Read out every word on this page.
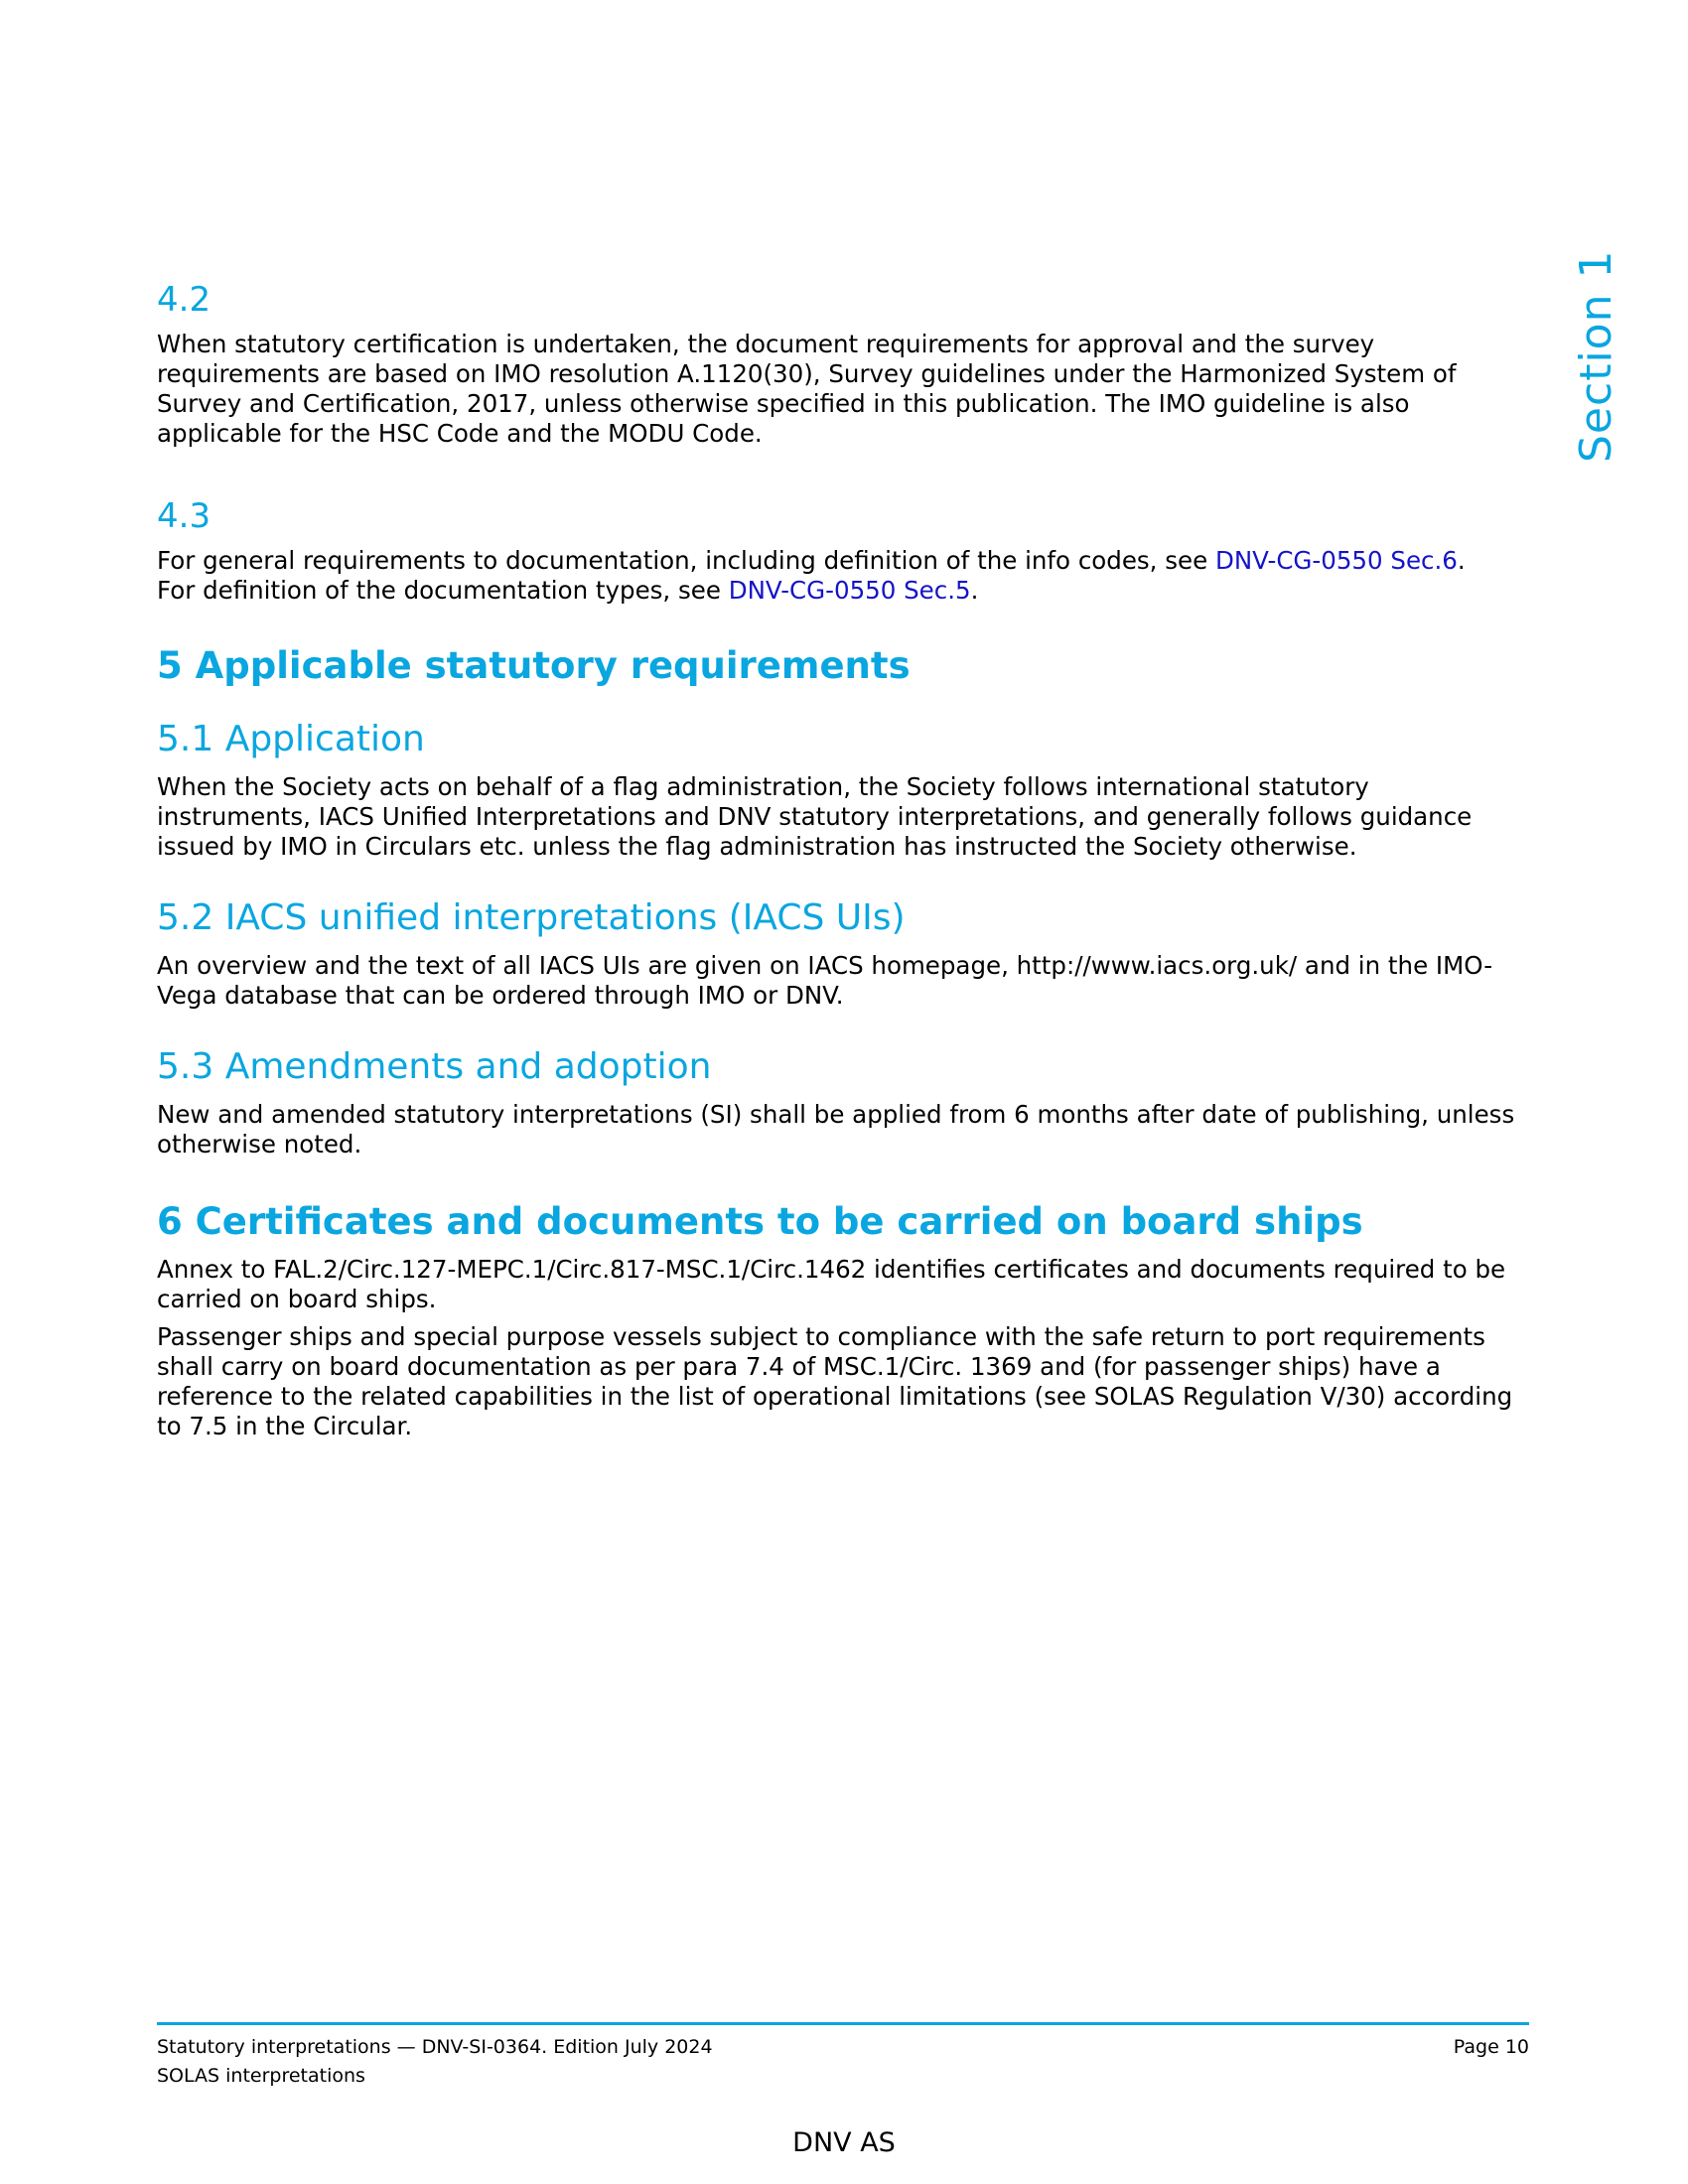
Section 1
4.2

When statutory certification is undertaken, the document requirements for approval and the survey requirements are based on IMO resolution A.1120(30), Survey guidelines under the Harmonized System of Survey and Certification, 2017, unless otherwise specified in this publication. The IMO guideline is also applicable for the HSC Code and the MODU Code.

4.3

For general requirements to documentation, including definition of the info codes, see DNV-CG-0550 Sec.6.
For definition of the documentation types, see DNV-CG-0550 Sec.5.

5 Applicable statutory requirements
5.1 Application

When the Society acts on behalf of a flag administration, the Society follows international statutory instruments, IACS Unified Interpretations and DNV statutory interpretations, and generally follows guidance issued by IMO in Circulars etc. unless the flag administration has instructed the Society otherwise.

5.2 IACS unified interpretations (IACS UIs)

An overview and the text of all IACS UIs are given on IACS homepage, http://www.iacs.org.uk/ and in the IMO-Vega database that can be ordered through IMO or DNV.

5.3 Amendments and adoption

New and amended statutory interpretations (SI) shall be applied from 6 months after date of publishing, unless otherwise noted.

6 Certificates and documents to be carried on board ships

Annex to FAL.2/Circ.127-MEPC.1/Circ.817-MSC.1/Circ.1462 identifies certificates and documents required to be carried on board ships.

Passenger ships and special purpose vessels subject to compliance with the safe return to port requirements shall carry on board documentation as per para 7.4 of MSC.1/Circ. 1369 and (for passenger ships) have a reference to the related capabilities in the list of operational limitations (see SOLAS Regulation V/30) according to 7.5 in the Circular.

Statutory interpretations — DNV-SI-0364. Edition July 2024
SOLAS interpretations
Page 10
DNV AS
